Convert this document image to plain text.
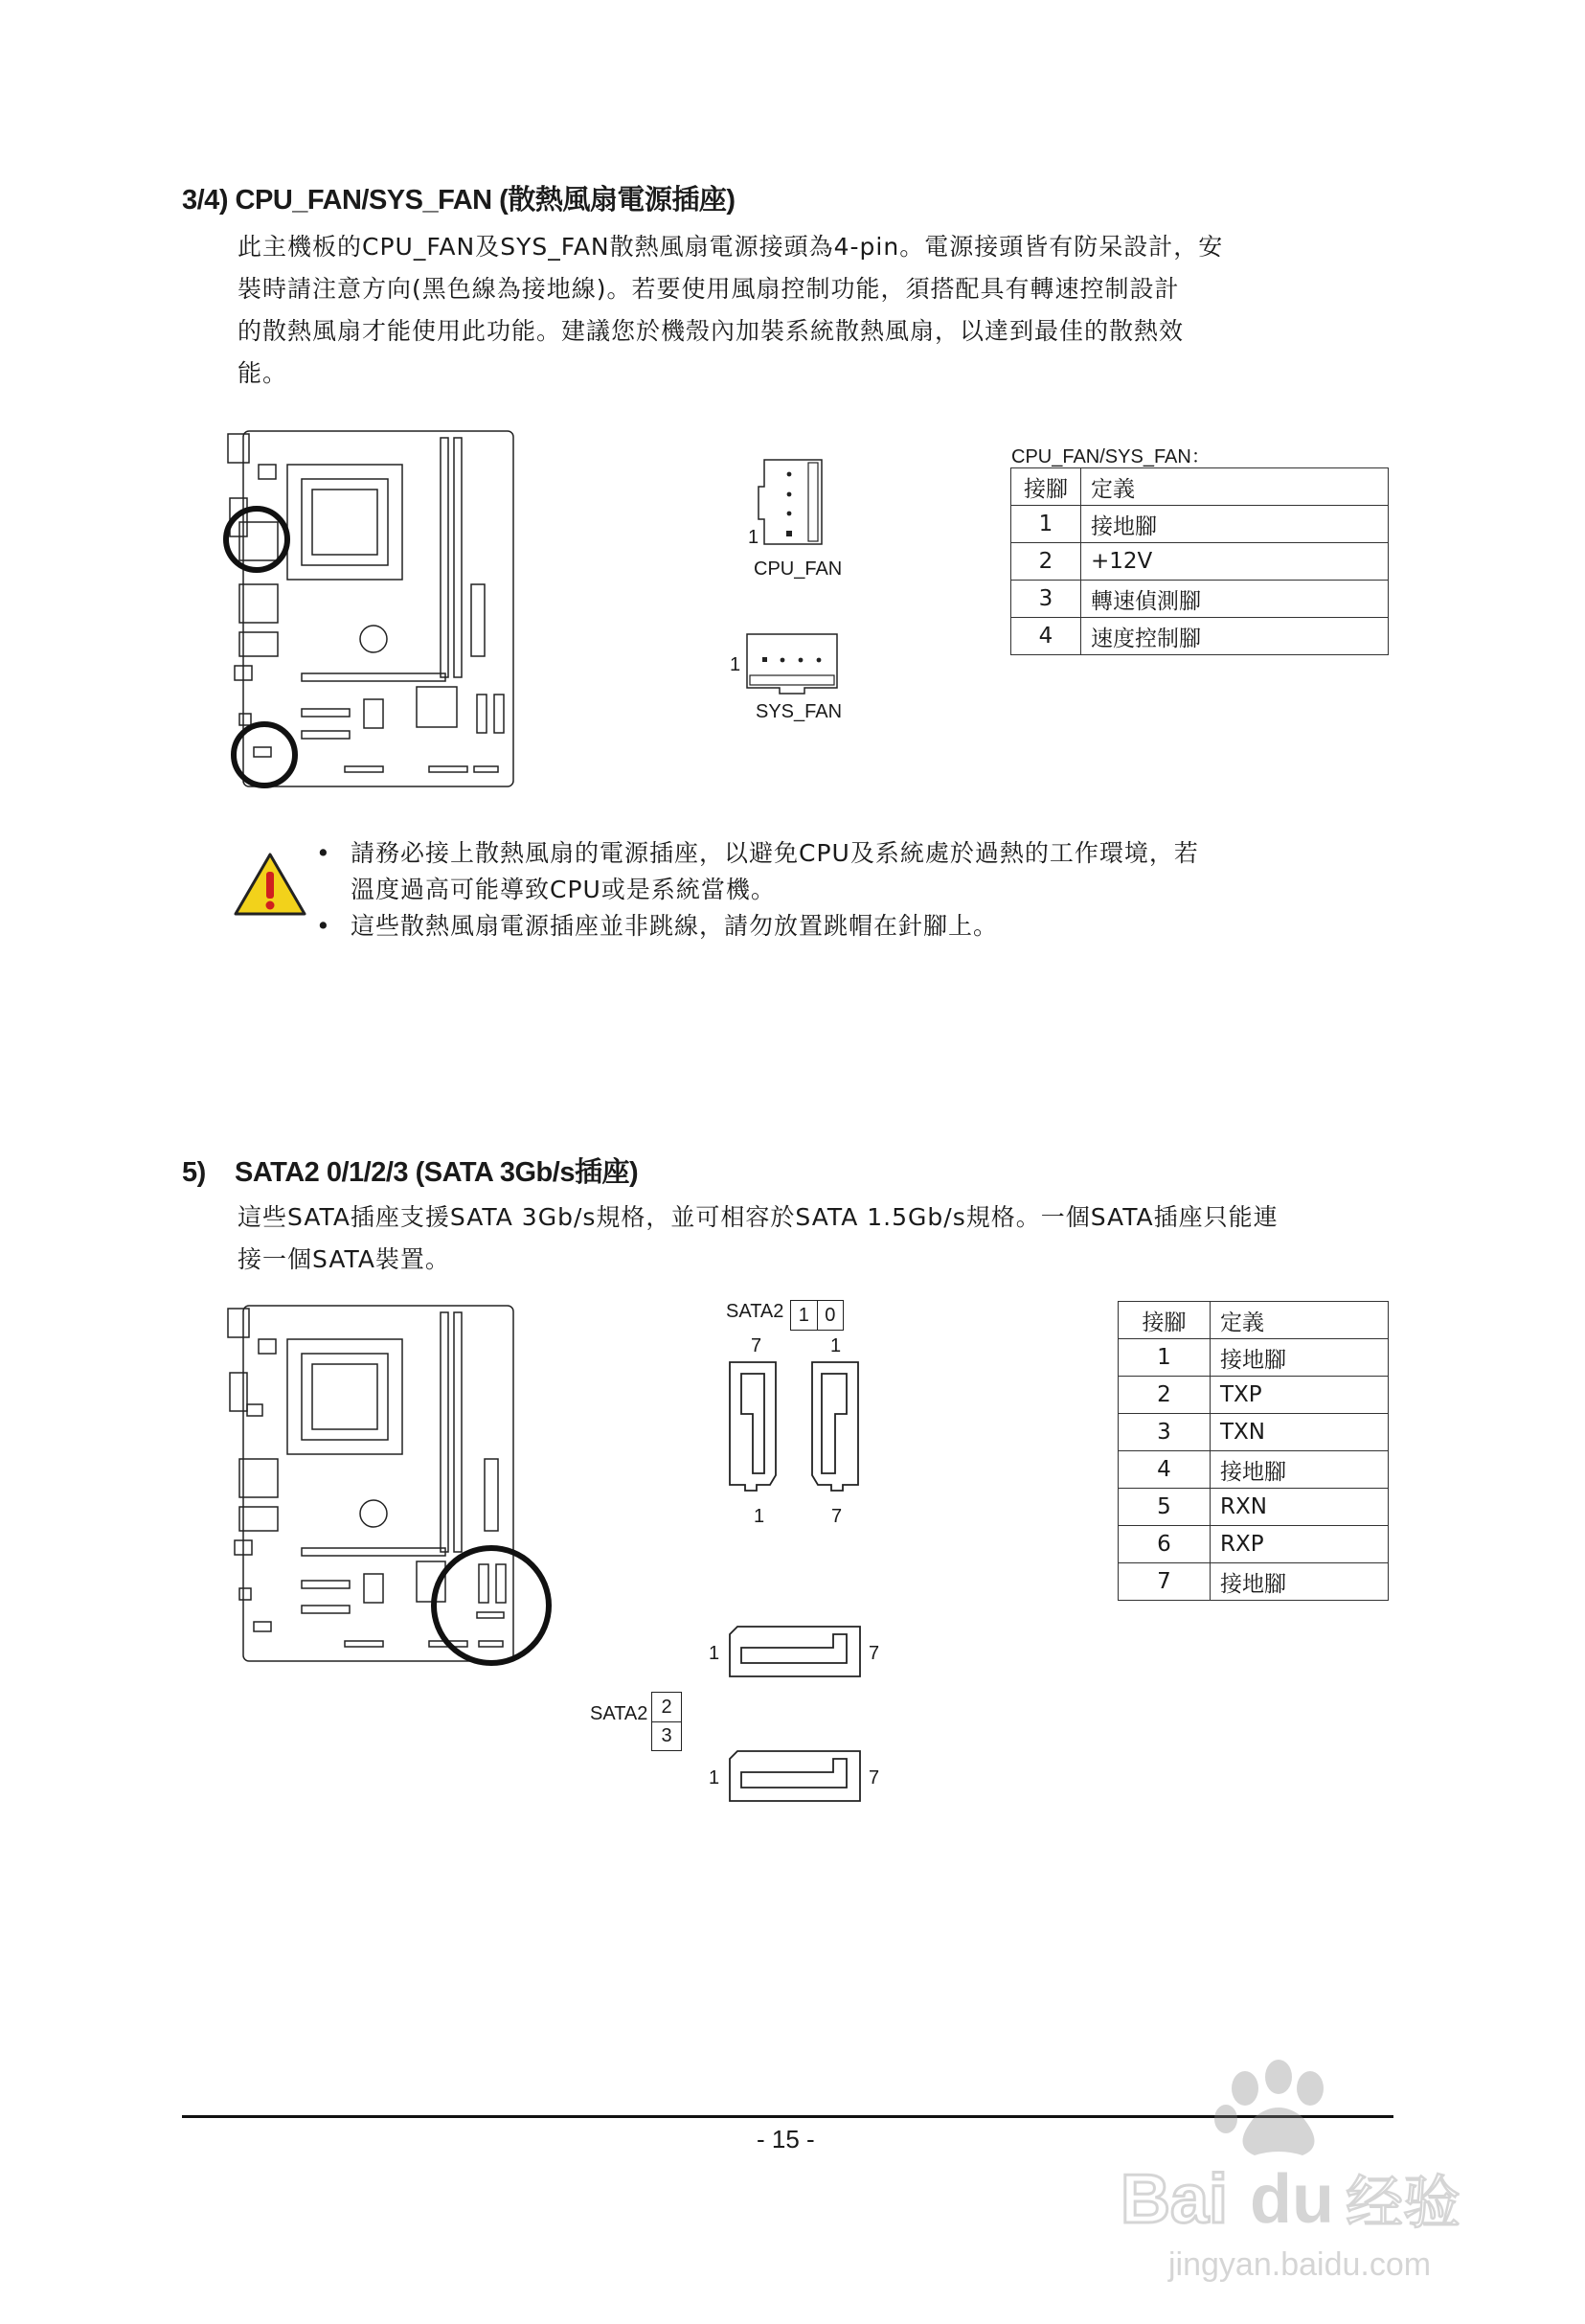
3/4) CPU_FAN/SYS_FAN (散熱風扇電源插座)
此主機板的CPU_FAN及SYS_FAN散熱風扇電源接頭為4-pin。電源接頭皆有防呆設計，安
裝時請注意方向(黑色線為接地線)。若要使用風扇控制功能，須搭配具有轉速控制設計
的散熱風扇才能使用此功能。建議您於機殼內加裝系統散熱風扇，以達到最佳的散熱效
能。
1
CPU_FAN
1
SYS_FAN
CPU_FAN/SYS_FAN：
接腳	定義
1	接地腳
2	+12V
3	轉速偵測腳
4	速度控制腳
• 請務必接上散熱風扇的電源插座，以避免CPU及系統處於過熱的工作環境，若
溫度過高可能導致CPU或是系統當機。
• 這些散熱風扇電源插座並非跳線，請勿放置跳帽在針腳上。
5)    SATA2 0/1/2/3 (SATA 3Gb/s插座)
這些SATA插座支援SATA 3Gb/s規格，並可相容於SATA 1.5Gb/s規格。一個SATA插座只能連
接一個SATA裝置。
SATA2 1 0
7	1
1	7
1	7
SATA2 2
3
1	7
接腳	定義
1	接地腳
2	TXP
3	TXN
4	接地腳
5	RXN
6	RXP
7	接地腳
- 15 -
Bai du 经验
jingyan.baidu.com
